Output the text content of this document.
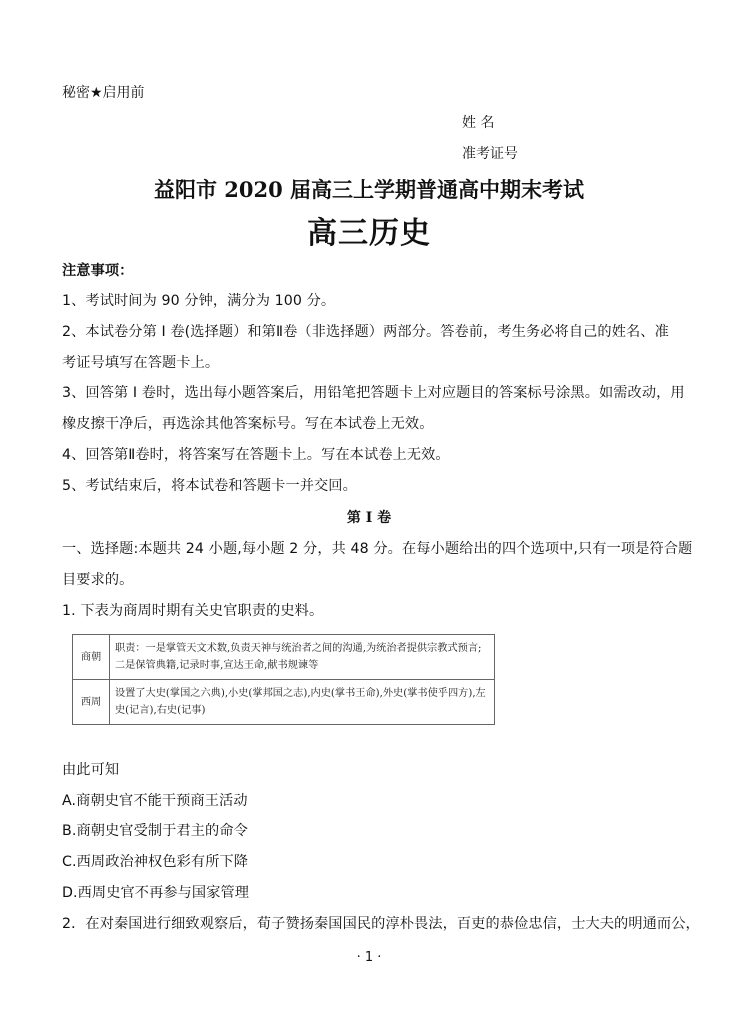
秘密★启用前
姓 名
准考证号
益阳市 2020 届高三上学期普通高中期末考试
高三历史
注意事项：
1、考试时间为 90 分钟，满分为 100 分。
2、本试卷分第 I 卷(选择题）和第Ⅱ卷（非选择题）两部分。答卷前，考生务必将自己的姓名、准
考证号填写在答题卡上。
3、回答第 I 卷时，选出每小题答案后，用铅笔把答题卡上对应题目的答案标号涂黑。如需改动，用
橡皮擦干净后，再选涂其他答案标号。写在本试卷上无效。
4、回答第Ⅱ卷时，将答案写在答题卡上。写在本试卷上无效。
5、考试结束后，将本试卷和答题卡一并交回。
第 I 卷
一、选择题:本题共 24 小题,每小题 2 分，共 48 分。在每小题给出的四个选项中,只有一项是符合题
目要求的。
1. 下表为商周时期有关史官职责的史料。
商朝	职责：一是掌管天文术数,负责天神与统治者之间的沟通,为统治者提供宗教式预言;二是保管典籍,记录时事,宣达王命,献书规谏等

西周	设置了大史(掌国之六典),小史(掌邦国之志),内史(掌书王命),外史(掌书使乎四方),左史(记言),右史(记事)
由此可知
A.商朝史官不能干预商王活动
B.商朝史官受制于君主的命令
C.西周政治神权色彩有所下降
D.西周史官不再参与国家管理
2．在对秦国进行细致观察后，荀子赞扬秦国国民的淳朴畏法，百吏的恭俭忠信，士大夫的明通而公，
· 1 ·
